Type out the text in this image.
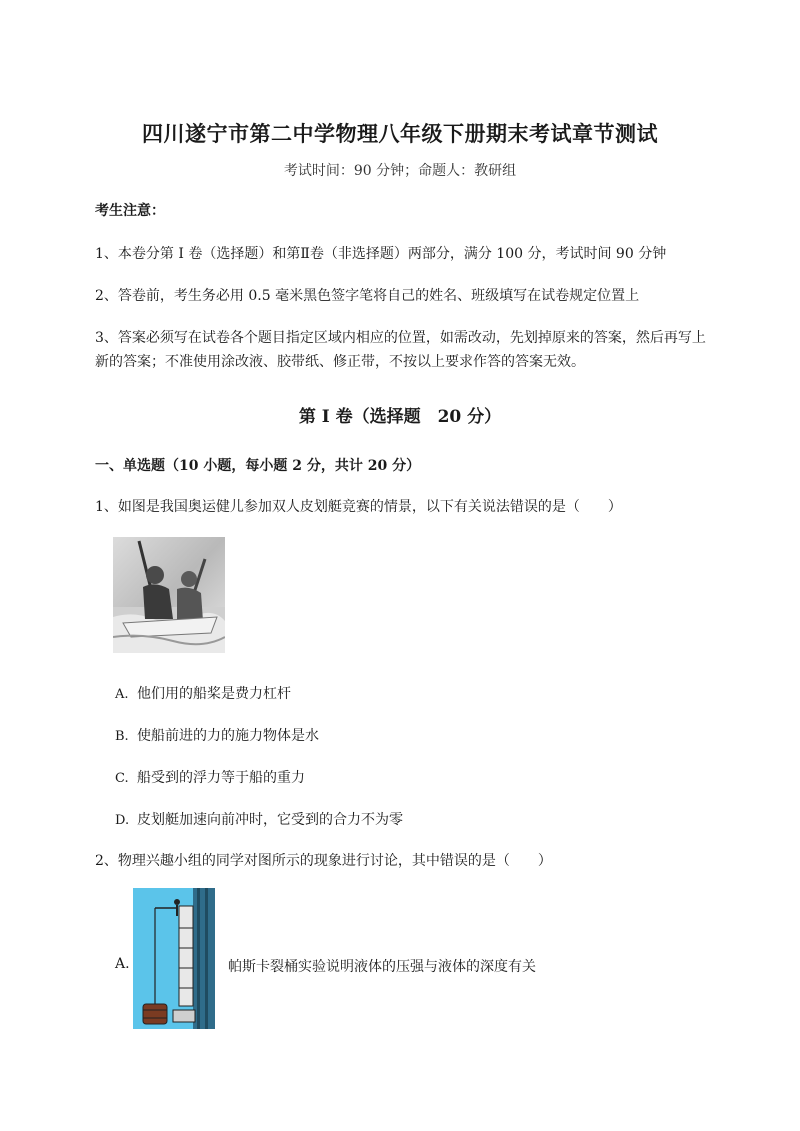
四川遂宁市第二中学物理八年级下册期末考试章节测试
考试时间：90 分钟；命题人：教研组
考生注意：
1、本卷分第 I 卷（选择题）和第Ⅱ卷（非选择题）两部分，满分 100 分，考试时间 90 分钟
2、答卷前，考生务必用 0.5 毫米黑色签字笔将自己的姓名、班级填写在试卷规定位置上
3、答案必须写在试卷各个题目指定区域内相应的位置，如需改动，先划掉原来的答案，然后再写上新的答案；不准使用涂改液、胶带纸、修正带，不按以上要求作答的答案无效。
第 I 卷（选择题　20 分）
一、单选题（10 小题，每小题 2 分，共计 20 分）
1、如图是我国奥运健儿参加双人皮划艇竞赛的情景，以下有关说法错误的是（　　）
A. 他们用的船桨是费力杠杆
B. 使船前进的力的施力物体是水
C. 船受到的浮力等于船的重力
D. 皮划艇加速向前冲时，它受到的合力不为零
2、物理兴趣小组的同学对图所示的现象进行讨论，其中错误的是（　　）
A.	帕斯卡裂桶实验说明液体的压强与液体的深度有关
